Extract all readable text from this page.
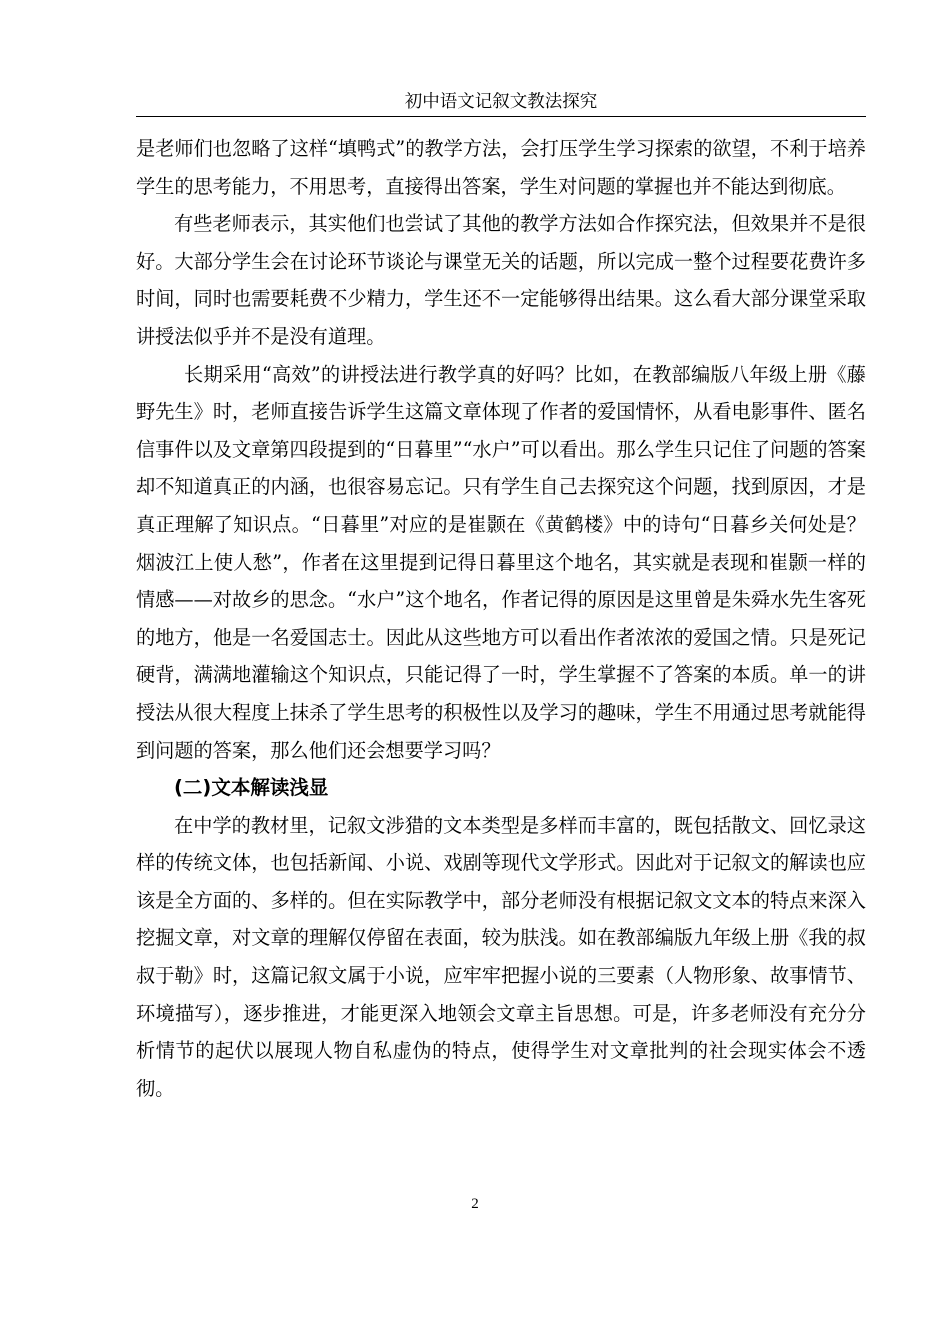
初中语文记叙文教法探究

是老师们也忽略了这样“填鸭式”的教学方法，会打压学生学习探索的欲望，不利于培养学生的思考能力，不用思考，直接得出答案，学生对问题的掌握也并不能达到彻底。

有些老师表示，其实他们也尝试了其他的教学方法如合作探究法，但效果并不是很好。大部分学生会在讨论环节谈论与课堂无关的话题，所以完成一整个过程要花费许多时间，同时也需要耗费不少精力，学生还不一定能够得出结果。这么看大部分课堂采取讲授法似乎并不是没有道理。

长期采用“高效”的讲授法进行教学真的好吗？比如，在教部编版八年级上册《藤野先生》时，老师直接告诉学生这篇文章体现了作者的爱国情怀，从看电影事件、匿名信事件以及文章第四段提到的“日暮里”“水户”可以看出。那么学生只记住了问题的答案却不知道真正的内涵，也很容易忘记。只有学生自己去探究这个问题，找到原因，才是真正理解了知识点。“日暮里”对应的是崔颢在《黄鹤楼》中的诗句“日暮乡关何处是？烟波江上使人愁”，作者在这里提到记得日暮里这个地名，其实就是表现和崔颢一样的情感——对故乡的思念。“水户”这个地名，作者记得的原因是这里曾是朱舜水先生客死的地方，他是一名爱国志士。因此从这些地方可以看出作者浓浓的爱国之情。只是死记硬背，满满地灌输这个知识点，只能记得了一时，学生掌握不了答案的本质。单一的讲授法从很大程度上抹杀了学生思考的积极性以及学习的趣味，学生不用通过思考就能得到问题的答案，那么他们还会想要学习吗？

(二)文本解读浅显

在中学的教材里，记叙文涉猎的文本类型是多样而丰富的，既包括散文、回忆录这样的传统文体，也包括新闻、小说、戏剧等现代文学形式。因此对于记叙文的解读也应该是全方面的、多样的。但在实际教学中，部分老师没有根据记叙文文本的特点来深入挖掘文章，对文章的理解仅停留在表面，较为肤浅。如在教部编版九年级上册《我的叔叔于勒》时，这篇记叙文属于小说，应牢牢把握小说的三要素（人物形象、故事情节、环境描写），逐步推进，才能更深入地领会文章主旨思想。可是，许多老师没有充分分析情节的起伏以展现人物自私虚伪的特点，使得学生对文章批判的社会现实体会不透彻。

2
